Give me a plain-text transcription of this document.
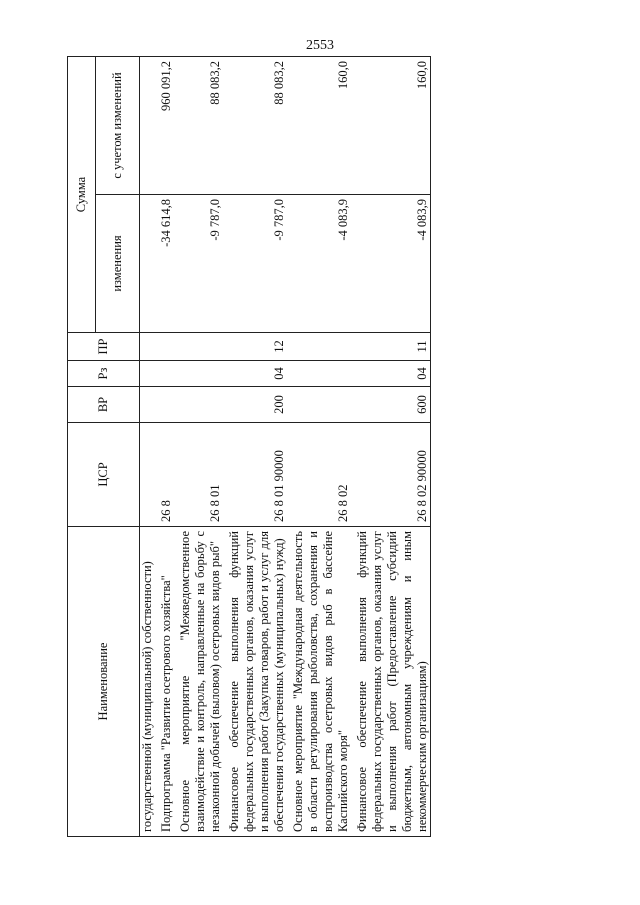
2553
Наименование	ЦСР	ВР	Рз	ПР	Сумма	
					изменения	с учетом изменений
государственной (муниципальной) собственности)						
Подпрограмма "Развитие осетрового хозяйства"	26 8				-34 614,8	960 091,2
Основное мероприятие "Межведомственное взаимодействие и контроль, направленные на борьбу с незаконной добычей (выловом) осетровых видов рыб"	26 8 01				-9 787,0	88 083,2
Финансовое обеспечение выполнения функций федеральных государственных органов, оказания услуг и выполнения работ (Закупка товаров, работ и услуг для обеспечения государственных (муниципальных) нужд)	26 8 01 90000	200	04	12	-9 787,0	88 083,2
Основное мероприятие "Международная деятельность в области регулирования рыболовства, сохранения и воспроизводства осетровых видов рыб в бассейне Каспийского моря"	26 8 02				-4 083,9	160,0
Финансовое обеспечение выполнения функций федеральных государственных органов, оказания услуг и выполнения работ (Предоставление субсидий бюджетным, автономным учреждениям и иным некоммерческим организациям)	26 8 02 90000	600	04	11	-4 083,9	160,0
